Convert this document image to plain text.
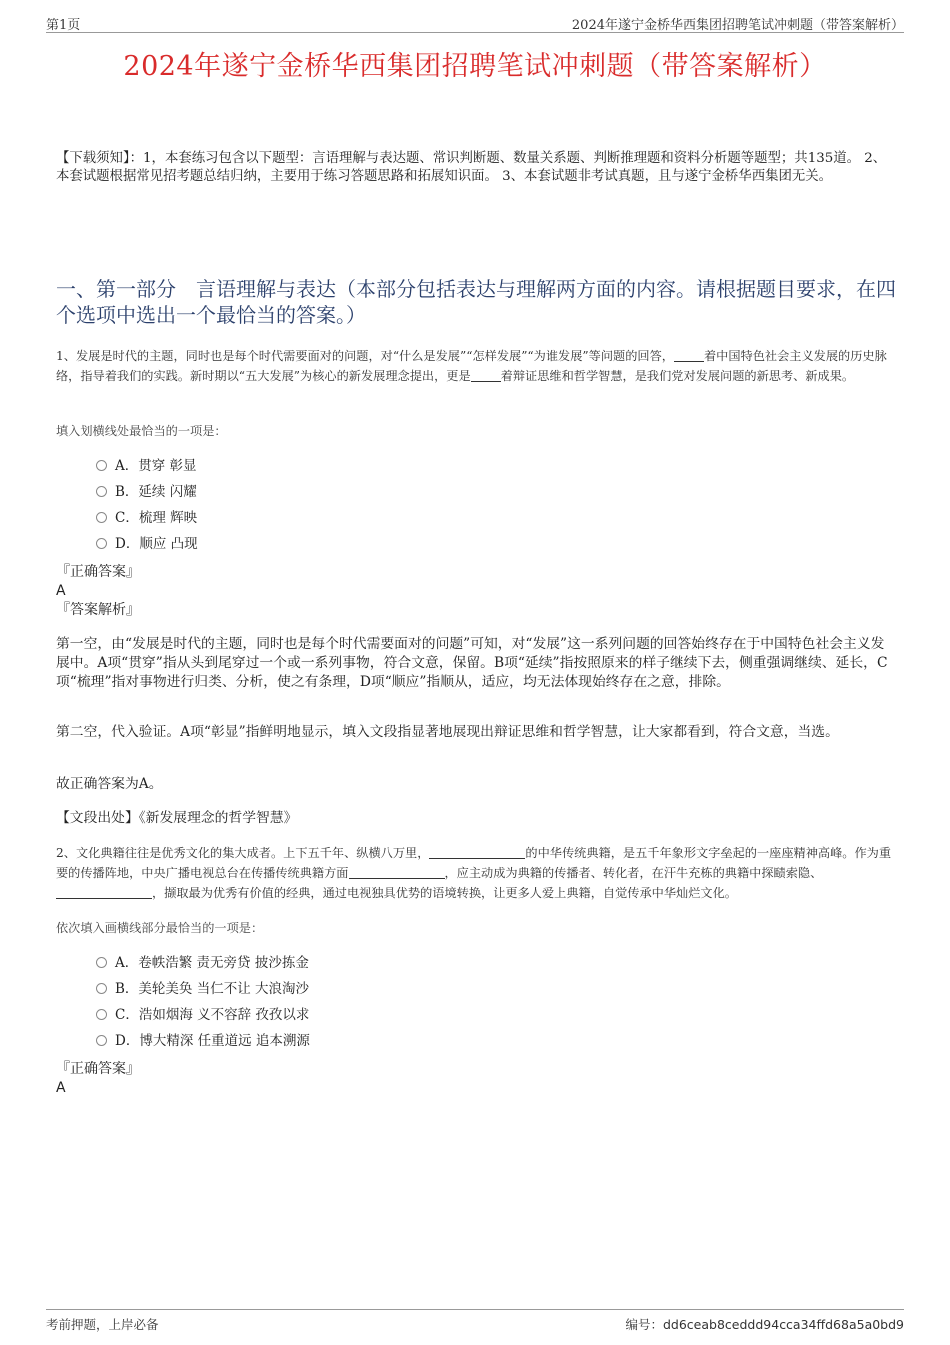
第1页	2024年遂宁金桥华西集团招聘笔试冲刺题（带答案解析）
2024年遂宁金桥华西集团招聘笔试冲刺题（带答案解析）
【下载须知】：1，本套练习包含以下题型：言语理解与表达题、常识判断题、数量关系题、判断推理题和资料分析题等题型；共135道。 2、本套试题根据常见招考题总结归纳，主要用于练习答题思路和拓展知识面。 3、本套试题非考试真题，且与遂宁金桥华西集团无关。
一、第一部分　言语理解与表达（本部分包括表达与理解两方面的内容。请根据题目要求，在四个选项中选出一个最恰当的答案。）
1、发展是时代的主题，同时也是每个时代需要面对的问题，对“什么是发展”“怎样发展”“为谁发展”等问题的回答， 着中国特色社会主义发展的历史脉络，指导着我们的实践。新时期以“五大发展”为核心的新发展理念提出，更是 着辩证思维和哲学智慧，是我们党对发展问题的新思考、新成果。
填入划横线处最恰当的一项是：
A．贯穿 彰显
B．延续 闪耀
C．梳理 辉映
D．顺应 凸现
『正确答案』
A
『答案解析』

第一空，由“发展是时代的主题，同时也是每个时代需要面对的问题”可知，对“发展”这一系列问题的回答始终存在于中国特色社会主义发展中。A项“贯穿”指从头到尾穿过一个或一系列事物，符合文意，保留。B项“延续”指按照原来的样子继续下去，侧重强调继续、延长，C项“梳理”指对事物进行归类、分析，使之有条理，D项“顺应”指顺从，适应，均无法体现始终存在之意，排除。

第二空，代入验证。A项“彰显”指鲜明地显示，填入文段指显著地展现出辩证思维和哲学智慧，让大家都看到，符合文意，当选。

故正确答案为A。

【文段出处】《新发展理念的哲学智慧》

2、文化典籍往往是优秀文化的集大成者。上下五千年、纵横八万里，	的中华传统典籍，是五千年象形文字垒起的一座座精神高峰。作为重要的传播阵地，中央广播电视总台在传播传统典籍方面	，应主动成为典籍的传播者、转化者，在汗牛充栋的典籍中探赜索隐、，撷取最为优秀有价值的经典，通过电视独具优势的语境转换，让更多人爱上典籍，自觉传承中华灿烂文化。
依次填入画横线部分最恰当的一项是：
A．卷帙浩繁 责无旁贷 披沙拣金
B．美轮美奂 当仁不让 大浪淘沙
C．浩如烟海 义不容辞 孜孜以求
D．博大精深 任重道远 追本溯源
『正确答案』
A
考前押题，上岸必备	编号：dd6ceab8ceddd94cca34ffd68a5a0bd9
